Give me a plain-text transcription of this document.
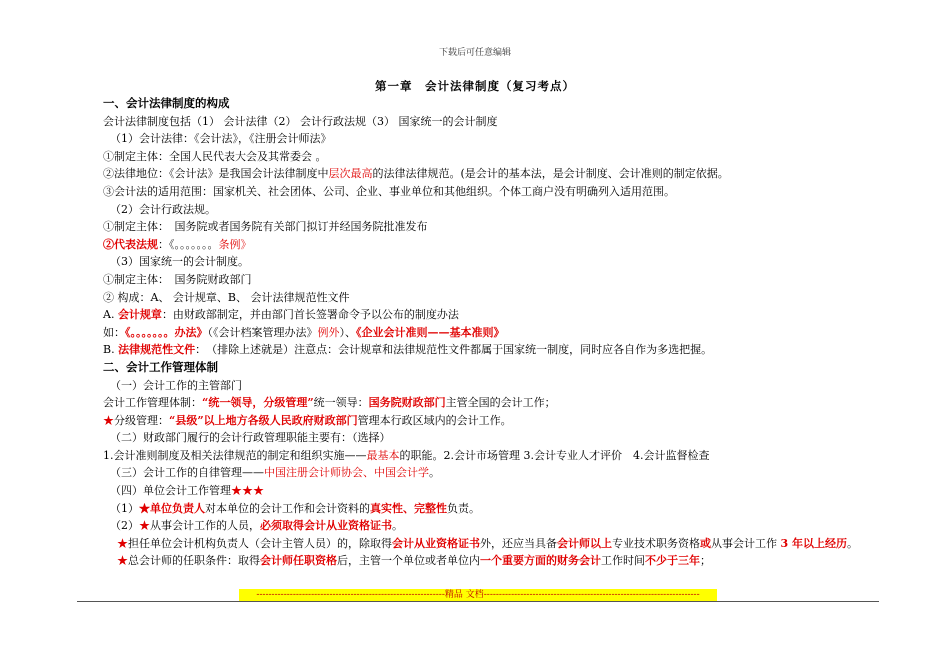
下载后可任意编辑
第一章　会计法律制度（复习考点）
一、会计法律制度的构成
会计法律制度包括（1） 会计法律（2） 会计行政法规（3） 国家统一的会计制度
（1）会计法律：《会计法》，《注册会计师法》
①制定主体：全国人民代表大会及其常委会 。
②法律地位：《会计法》是我国会计法律制度中层次最高的法律法律规范。(是会计的基本法，是会计制度、会计准则的制定依据。
③会计法的适用范围：国家机关、社会团体、公司、企业、事业单位和其他组织。个体工商户没有明确列入适用范围。
（2）会计行政法规。
①制定主体：　国务院或者国务院有关部门拟订并经国务院批准发布
②代表法规：《。。。。。。。条例》
（3）国家统一的会计制度。
①制定主体：　国务院财政部门
② 构成：A、 会计规章、B、 会计法律规范性文件
A. 会计规章：由财政部制定，并由部门首长签署命令予以公布的制度办法
如：《。。。。。。。办法》（《会计档案管理办法》例外）、《企业会计准则——基本准则》
B. 法律规范性文件：　（排除上述就是）注意点：会计规章和法律规范性文件都属于国家统一制度，同时应各自作为多选把握。
二、会计工作管理体制
（一）会计工作的主管部门
会计工作管理体制：“统一领导，分级管理”统一领导：国务院财政部门主管全国的会计工作；
★分级管理：“县级”以上地方各级人民政府财政部门管理本行政区域内的会计工作。
（二）财政部门履行的会计行政管理职能主要有：（选择）
1.会计准则制度及相关法律规范的制定和组织实施——最基本的职能。2.会计市场管理 3.会计专业人才评价　4.会计监督检查
（三）会计工作的自律管理——中国注册会计师协会、中国会计学。
（四）单位会计工作管理★★★
（1）★单位负责人对本单位的会计工作和会计资料的真实性、完整性负责。
（2）★从事会计工作的人员，必须取得会计从业资格证书。
★担任单位会计机构负责人（会计主管人员）的，除取得会计从业资格证书外，还应当具备会计师以上专业技术职务资格或从事会计工作 3 年以上经历。
★总会计师的任职条件：取得会计师任职资格后，主管一个单位或者单位内一个重要方面的财务会计工作时间不少于三年；
--------------------------------------------------------------精品 文档-----------------------------------------------------------------------
